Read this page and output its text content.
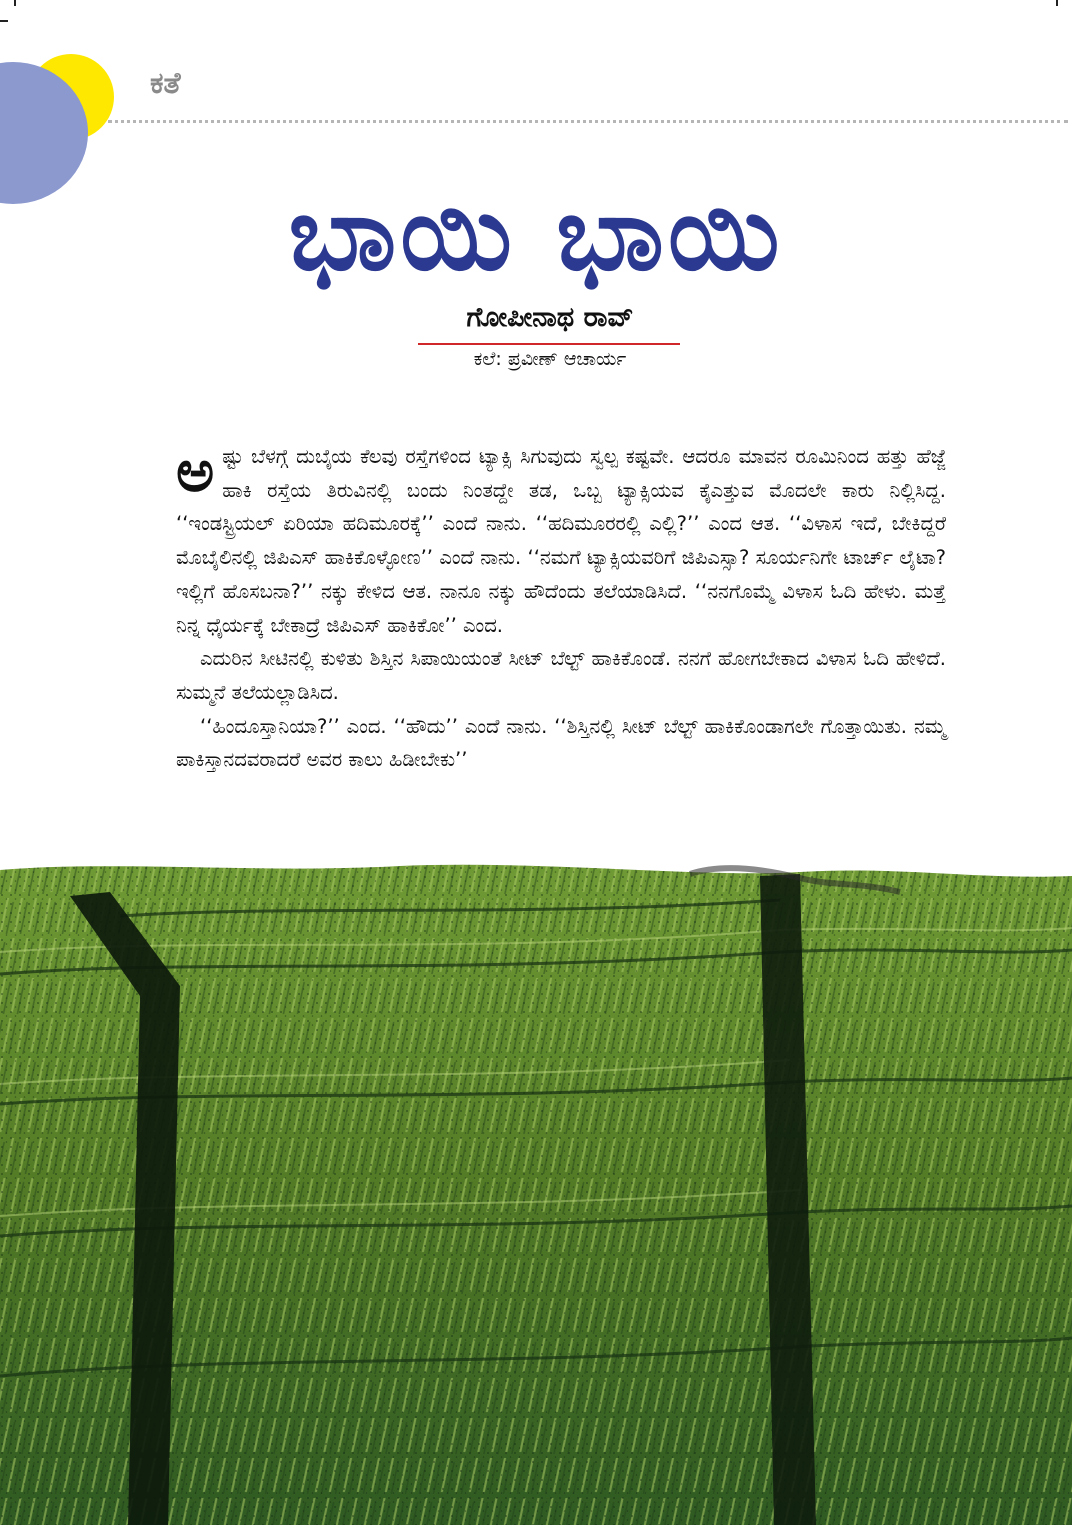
ಕತೆ
ಭಾಯಿ ಭಾಯಿ
ಗೋಪೀನಾಥ ರಾವ್
ಕಲೆ: ಪ್ರವೀಣ್ ಆಚಾರ್ಯ

ಅಷ್ಟು ಬೆಳಗ್ಗೆ ದುಬೈಯ ಕೆಲವು ರಸ್ತೆಗಳಿಂದ ಟ್ಯಾಕ್ಸಿ ಸಿಗುವುದು ಸ್ವಲ್ಪ ಕಷ್ಟವೇ. ಆದರೂ ಮಾವನ ರೂಮಿನಿಂದ ಹತ್ತು ಹೆಜ್ಜೆ ಹಾಕಿ ರಸ್ತೆಯ ತಿರುವಿನಲ್ಲಿ ಬಂದು ನಿಂತದ್ದೇ ತಡ, ಒಬ್ಬ ಟ್ಯಾಕ್ಸಿಯವ ಕೈಎತ್ತುವ ಮೊದಲೇ ಕಾರು ನಿಲ್ಲಿಸಿದ್ದ. ‘‘ಇಂಡಸ್ಟ್ರಿಯಲ್ ಏರಿಯಾ ಹದಿಮೂರಕ್ಕೆ’’ ಎಂದೆ ನಾನು. ‘‘ಹದಿಮೂರರಲ್ಲಿ ಎಲ್ಲಿ?’’ ಎಂದ ಆತ. ‘‘ವಿಳಾಸ ಇದೆ, ಬೇಕಿದ್ದರೆ ಮೊಬೈಲಿನಲ್ಲಿ ಜಿಪಿಎಸ್ ಹಾಕಿಕೊಳ್ಳೋಣ’’ ಎಂದೆ ನಾನು. ‘‘ನಮಗೆ ಟ್ಯಾಕ್ಸಿಯವರಿಗೆ ಜಿಪಿಎಸ್ಸಾ? ಸೂರ್ಯನಿಗೇ ಟಾರ್ಚ್ ಲೈಟಾ? ಇಲ್ಲಿಗೆ ಹೊಸಬನಾ?’’ ನಕ್ಕು ಕೇಳಿದ ಆತ. ನಾನೂ ನಕ್ಕು ಹೌದೆಂದು ತಲೆಯಾಡಿಸಿದೆ. ‘‘ನನಗೊಮ್ಮೆ ವಿಳಾಸ ಓದಿ ಹೇಳು. ಮತ್ತೆ ನಿನ್ನ ಧೈರ್ಯಕ್ಕೆ ಬೇಕಾದ್ರೆ ಜಿಪಿಎಸ್ ಹಾಕಿಕೋ’’ ಎಂದ.

ಎದುರಿನ ಸೀಟಿನಲ್ಲಿ ಕುಳಿತು ಶಿಸ್ತಿನ ಸಿಪಾಯಿಯಂತೆ ಸೀಟ್ ಬೆಲ್ಟ್ ಹಾಕಿಕೊಂಡೆ. ನನಗೆ ಹೋಗಬೇಕಾದ ವಿಳಾಸ ಓದಿ ಹೇಳಿದೆ. ಸುಮ್ಮನೆ ತಲೆಯಲ್ಲಾಡಿಸಿದ.

‘‘ಹಿಂದೂಸ್ತಾನಿಯಾ?’’ ಎಂದ. ‘‘ಹೌದು’’ ಎಂದೆ ನಾನು. ‘‘ಶಿಸ್ತಿನಲ್ಲಿ ಸೀಟ್ ಬೆಲ್ಟ್ ಹಾಕಿಕೊಂಡಾಗಲೇ ಗೊತ್ತಾಯಿತು. ನಮ್ಮ ಪಾಕಿಸ್ತಾನದವರಾದರೆ ಅವರ ಕಾಲು ಹಿಡೀಬೇಕು’’
